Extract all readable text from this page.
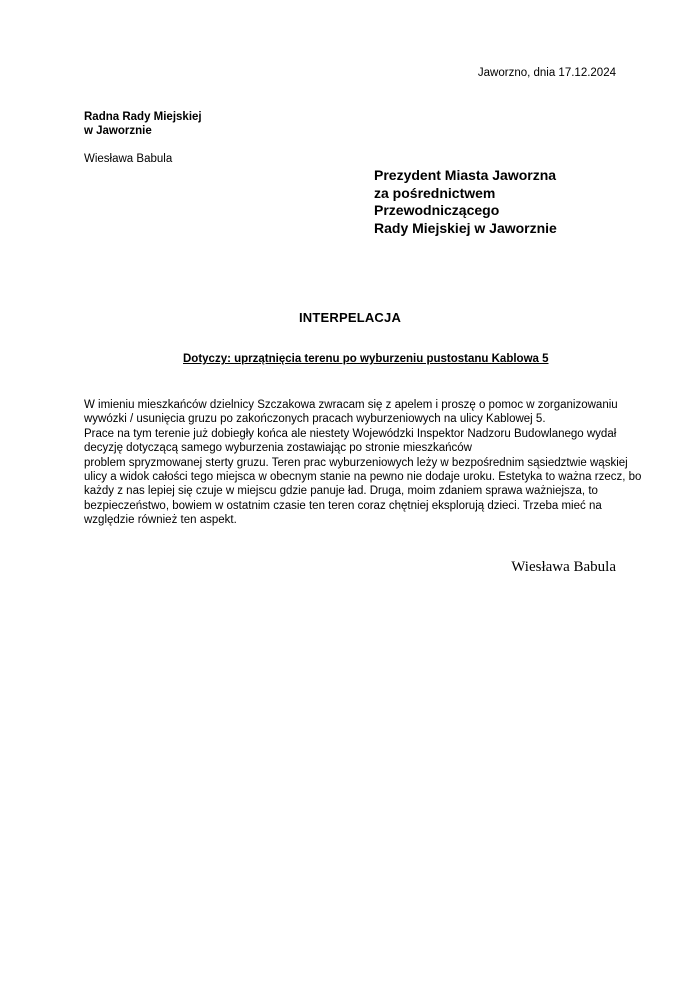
Jaworzno, dnia 17.12.2024
Radna Rady Miejskiej
w Jaworznie
Wiesława Babula
Prezydent Miasta Jaworzna
za pośrednictwem
Przewodniczącego
Rady Miejskiej w Jaworznie
INTERPELACJA
Dotyczy: uprzątnięcia terenu po wyburzeniu pustostanu Kablowa 5
W imieniu mieszkańców dzielnicy Szczakowa zwracam się z apelem i proszę o pomoc w zorganizowaniu
wywózki / usunięcia gruzu po zakończonych pracach wyburzeniowych na ulicy Kablowej 5.
Prace na tym terenie już dobiegły końca ale niestety Wojewódzki Inspektor Nadzoru Budowlanego wydał
decyzję dotyczącą samego wyburzenia zostawiając po stronie mieszkańców
problem spryzmowanej sterty gruzu. Teren prac wyburzeniowych leży w bezpośrednim sąsiedztwie wąskiej
ulicy a widok całości tego miejsca w obecnym stanie na pewno nie dodaje uroku. Estetyka to ważna rzecz, bo
każdy z nas lepiej się czuje w miejscu gdzie panuje ład. Druga, moim zdaniem sprawa ważniejsza, to
bezpieczeństwo, bowiem w ostatnim czasie ten teren coraz chętniej eksplorują dzieci. Trzeba mieć na
względzie również ten aspekt.
Wiesława Babula
